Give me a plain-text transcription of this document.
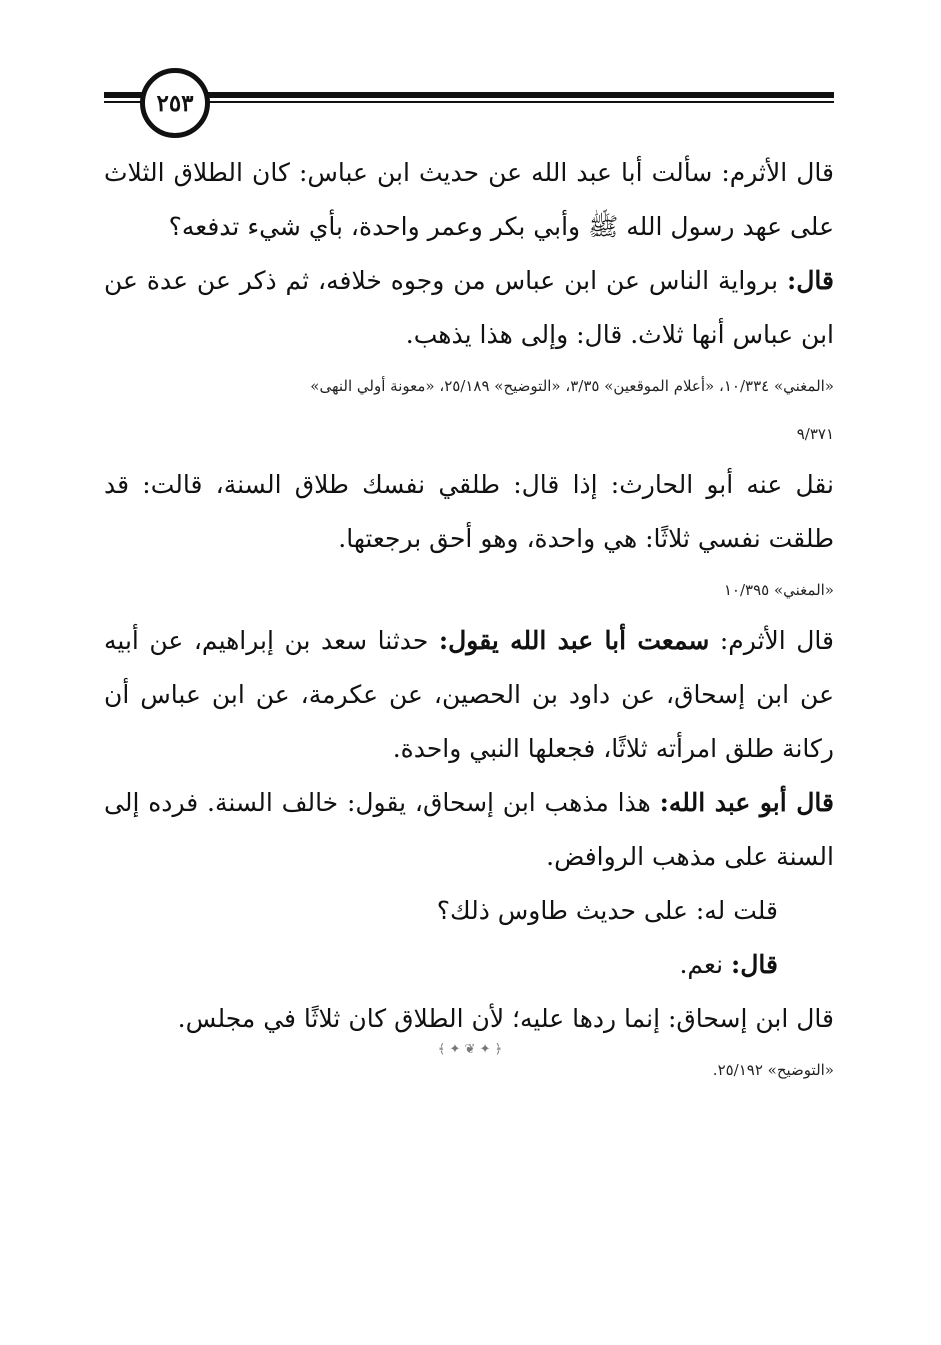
٢٥٣

قال الأثرم: سألت أبا عبد الله عن حديث ابن عباس: كان الطلاق الثلاث على عهد رسول الله ﷺ وأبي بكر وعمر واحدة، بأي شيء تدفعه؟

قال: برواية الناس عن ابن عباس من وجوه خلافه، ثم ذكر عن عدة عن ابن عباس أنها ثلاث. قال: وإلى هذا يذهب.

«المغني» ١٠/٣٣٤، «أعلام الموقعين» ٣/٣٥، «التوضيح» ٢٥/١٨٩، «معونة أولي النهى»

٩/٣٧١

نقل عنه أبو الحارث: إذا قال: طلقي نفسك طلاق السنة، قالت: قد طلقت نفسي ثلاثًا: هي واحدة، وهو أحق برجعتها.

«المغني» ١٠/٣٩٥

قال الأثرم: سمعت أبا عبد الله يقول: حدثنا سعد بن إبراهيم، عن أبيه عن ابن إسحاق، عن داود بن الحصين، عن عكرمة، عن ابن عباس أن ركانة طلق امرأته ثلاثًا، فجعلها النبي واحدة.

قال أبو عبد الله: هذا مذهب ابن إسحاق، يقول: خالف السنة. فرده إلى السنة على مذهب الروافض.

قلت له: على حديث طاوس ذلك؟

قال: نعم.

قال ابن إسحاق: إنما ردها عليه؛ لأن الطلاق كان ثلاثًا في مجلس.

«التوضيح» ٢٥/١٩٢.

﴿ ✦ ❦ ✦ ﴾
